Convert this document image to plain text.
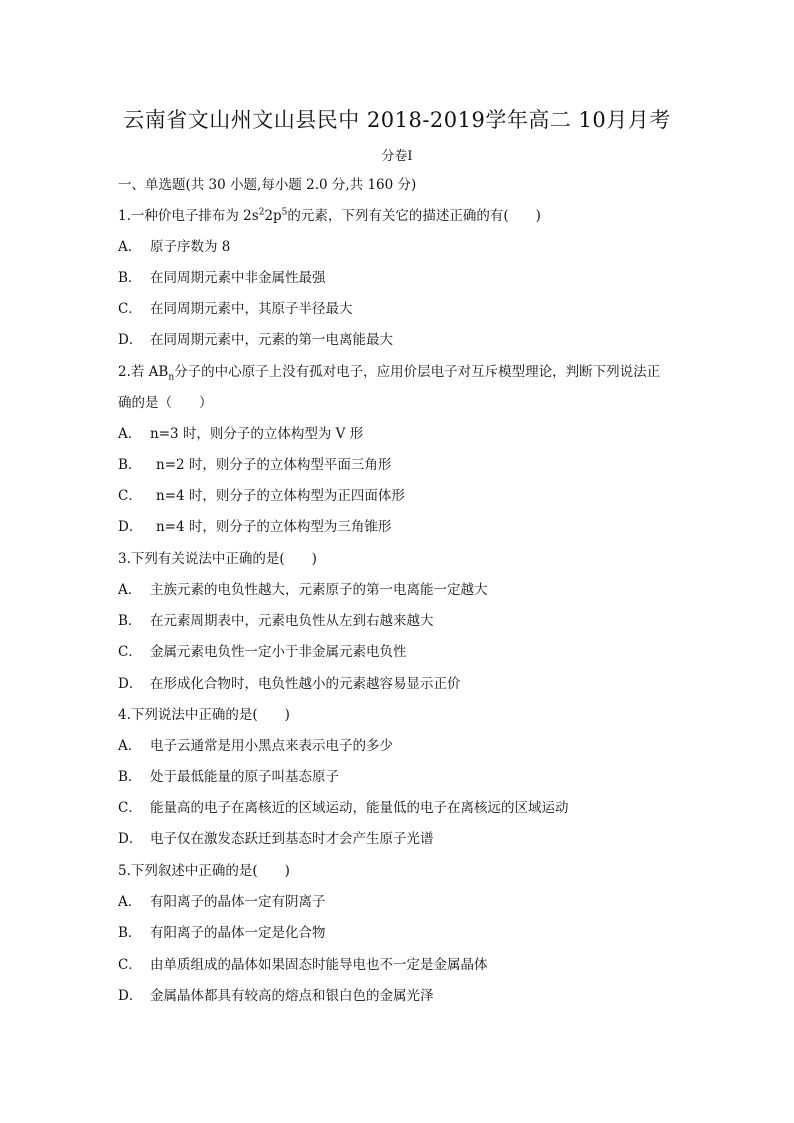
云南省文山州文山县民中 2018-2019学年高二 10月月考
分卷I
一、单选题(共 30 小题,每小题 2.0 分,共 160 分)
1.一种价电子排布为 $2s^22p^5$的元素，下列有关它的描述正确的有(　　)
A． 原子序数为 8
B． 在同周期元素中非金属性最强
C． 在同周期元素中，其原子半径最大
D． 在同周期元素中，元素的第一电离能最大
2.若 $AB_n$分子的中心原子上没有孤对电子，应用价层电子对互斥模型理论，判断下列说法正
确的是（　　）
A． n=3 时，则分子的立体构型为 V 形
B． n=2 时，则分子的立体构型平面三角形
C． n=4 时，则分子的立体构型为正四面体形
D． n=4 时，则分子的立体构型为三角锥形
3.下列有关说法中正确的是(　　)
A． 主族元素的电负性越大，元素原子的第一电离能一定越大
B． 在元素周期表中，元素电负性从左到右越来越大
C． 金属元素电负性一定小于非金属元素电负性
D． 在形成化合物时，电负性越小的元素越容易显示正价
4.下列说法中正确的是(　　)
A． 电子云通常是用小黑点来表示电子的多少
B． 处于最低能量的原子叫基态原子
C． 能量高的电子在离核近的区域运动，能量低的电子在离核远的区域运动
D． 电子仅在激发态跃迁到基态时才会产生原子光谱
5.下列叙述中正确的是(　　)
A． 有阳离子的晶体一定有阴离子
B． 有阳离子的晶体一定是化合物
C． 由单质组成的晶体如果固态时能导电也不一定是金属晶体
D． 金属晶体都具有较高的熔点和银白色的金属光泽
